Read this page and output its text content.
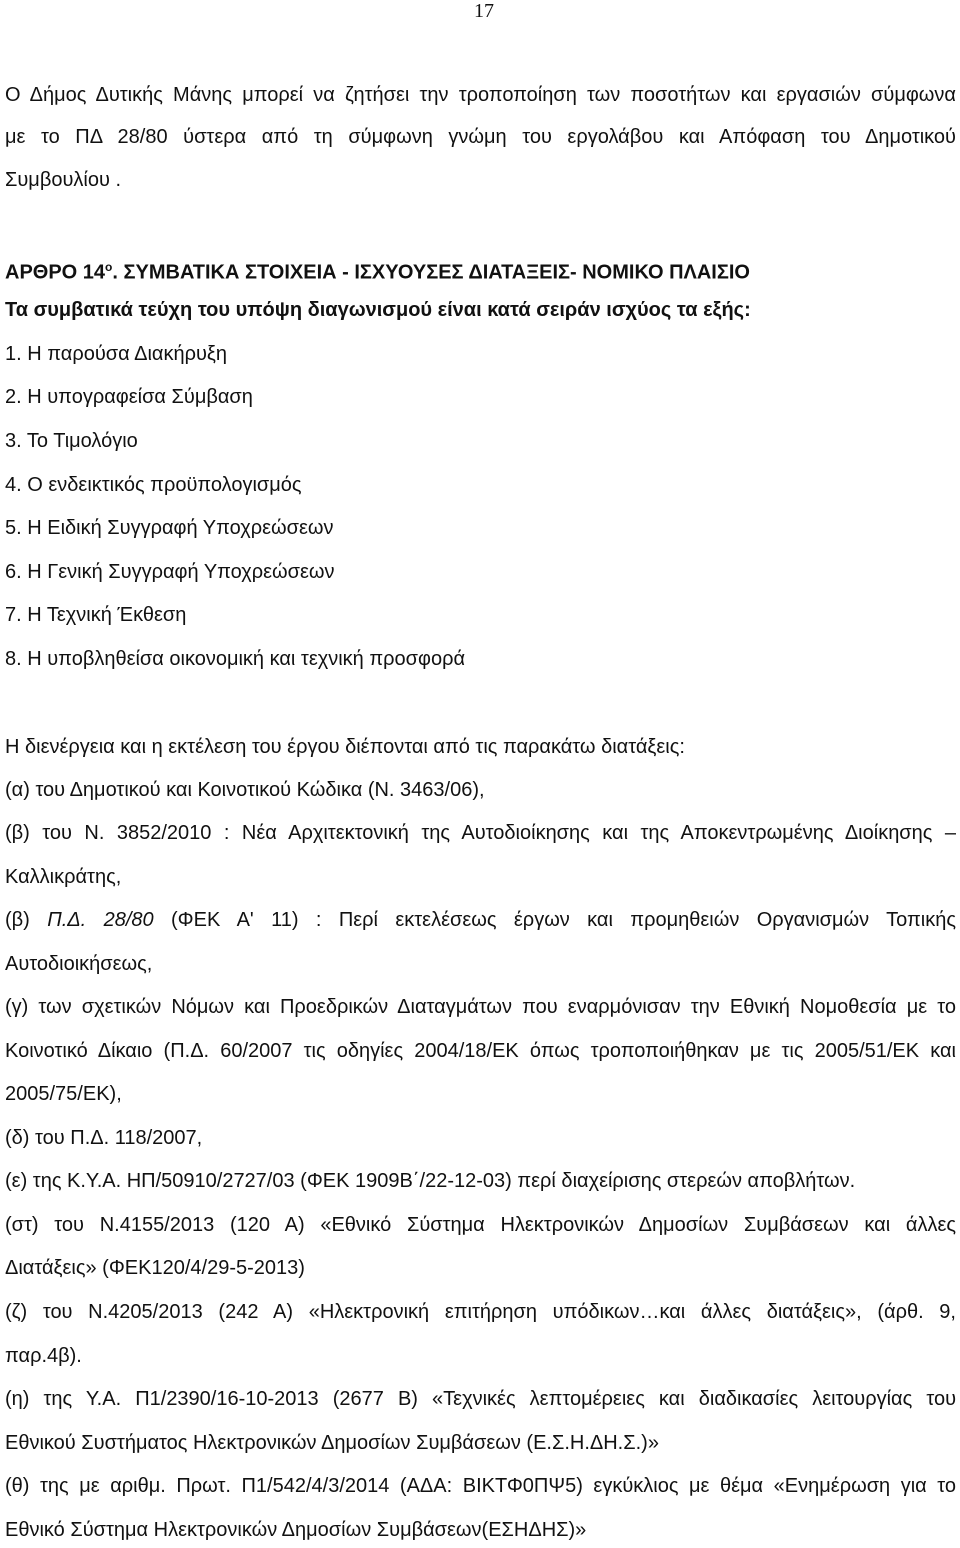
17
Ο Δήμος Δυτικής Μάνης μπορεί να ζητήσει την τροποποίηση των ποσοτήτων και εργασιών σύμφωνα
με το ΠΔ 28/80 ύστερα από τη σύμφωνη γνώμη του εργολάβου και Απόφαση του Δημοτικού
Συμβουλίου .
ΑΡΘΡΟ $14^o$. ΣΥΜΒΑΤΙΚΑ ΣΤΟΙΧΕΙΑ - ΙΣΧΥΟΥΣΕΣ ΔΙΑΤΑΞΕΙΣ- ΝΟΜΙΚΟ ΠΛΑΙΣΙΟ
Τα συμβατικά τεύχη του υπόψη διαγωνισμού είναι κατά σειράν ισχύος τα εξής:
1. Η παρούσα Διακήρυξη
2. Η υπογραφείσα Σύμβαση
3. Το Τιμολόγιο
4. Ο ενδεικτικός προϋπολογισμός
5. Η Ειδική Συγγραφή Υποχρεώσεων
6. Η Γενική Συγγραφή Υποχρεώσεων
7. Η Τεχνική Έκθεση
8. Η υποβληθείσα οικονομική και τεχνική προσφορά
Η διενέργεια και η εκτέλεση του έργου διέπονται από τις παρακάτω διατάξεις:
(α) του Δημοτικού και Κοινοτικού Κώδικα (Ν. 3463/06),
(β) του Ν. 3852/2010 : Νέα Αρχιτεκτονική της Αυτοδιοίκησης και της Αποκεντρωμένης Διοίκησης –
Καλλικράτης,
(β) Π.Δ. 28/80 (ΦΕΚ Α' 11) : Περί εκτελέσεως έργων και προμηθειών Οργανισμών Τοπικής
Αυτοδιοικήσεως,
(γ) των σχετικών Νόμων και Προεδρικών Διαταγμάτων που εναρμόνισαν την Εθνική Νομοθεσία με το
Κοινοτικό Δίκαιο (Π.Δ. 60/2007 τις οδηγίες 2004/18/ΕΚ όπως τροποποιήθηκαν με τις 2005/51/ΕΚ και
2005/75/ΕΚ),
(δ) του Π.Δ. 118/2007,
(ε) της Κ.Υ.Α. ΗΠ/50910/2727/03 (ΦΕΚ 1909Β΄/22-12-03) περί διαχείρισης στερεών αποβλήτων.
(στ) του Ν.4155/2013 (120 Α) «Εθνικό Σύστημα Ηλεκτρονικών Δημοσίων Συμβάσεων και άλλες
Διατάξεις» (ΦΕΚ120/4/29-5-2013)
(ζ) του Ν.4205/2013 (242 Α) «Ηλεκτρονική επιτήρηση υπόδικων…και άλλες διατάξεις», (άρθ. 9,
παρ.4β).
(η) της Υ.Α. Π1/2390/16-10-2013 (2677 Β) «Τεχνικές λεπτομέρειες και διαδικασίες λειτουργίας του
Εθνικού Συστήματος Ηλεκτρονικών Δημοσίων Συμβάσεων (Ε.Σ.Η.ΔΗ.Σ.)»
(θ) της με αριθμ. Πρωτ. Π1/542/4/3/2014 (ΑΔΑ: ΒΙΚΤΦ0ΠΨ5) εγκύκλιος με θέμα «Ενημέρωση για το
Εθνικό Σύστημα Ηλεκτρονικών Δημοσίων Συμβάσεων(ΕΣΗΔΗΣ)»
